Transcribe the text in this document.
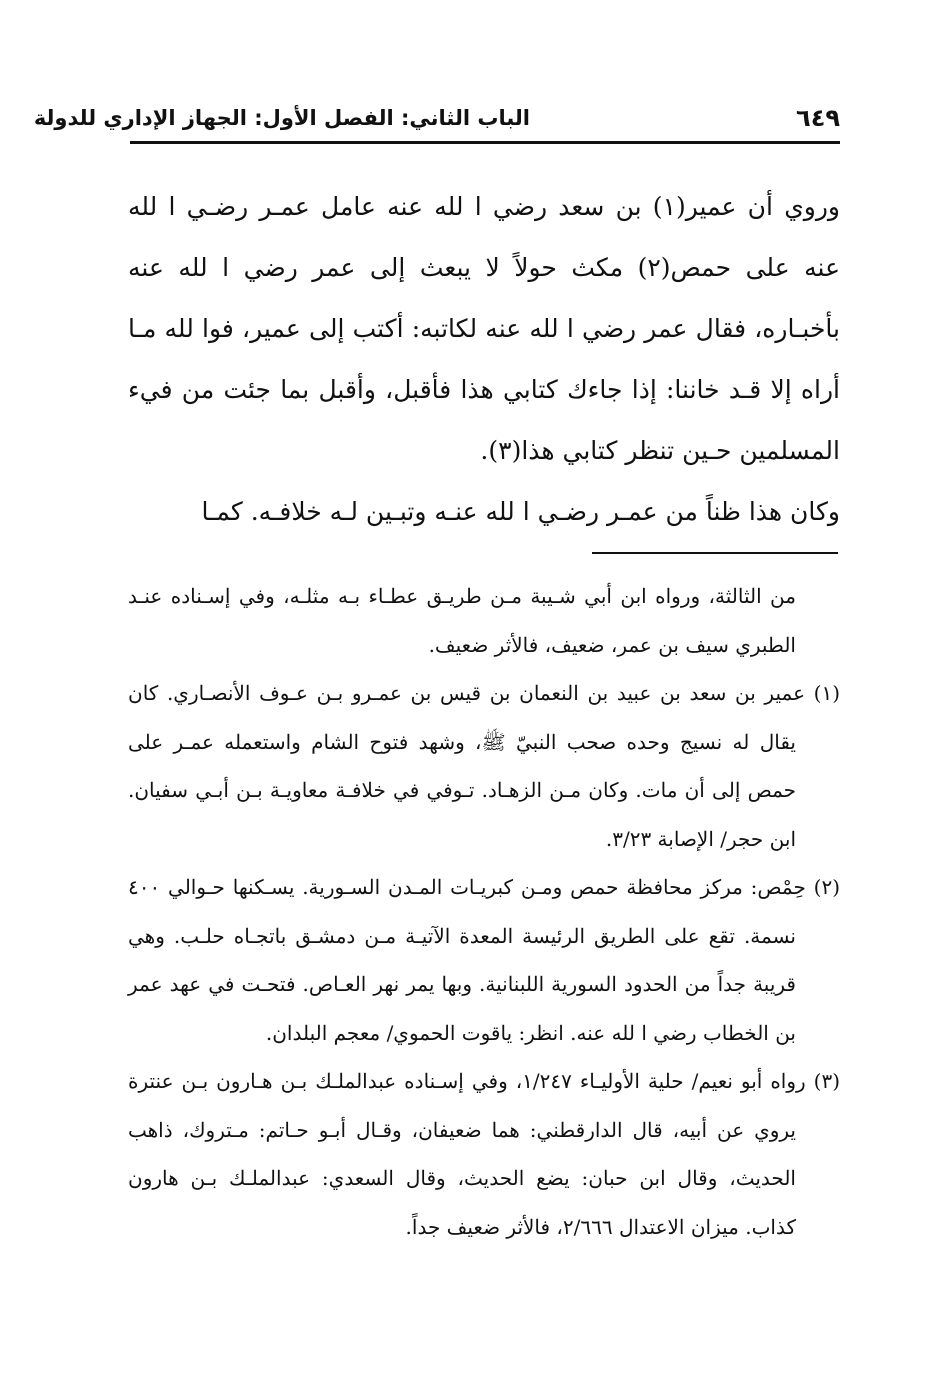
الباب الثاني: الفصل الأول: الجهاز الإداري للدولة	٦٤٩

وروي أن عمير(١) بن سعد رضي ا لله عنه عامل عمـر رضـي ا لله عنه على حمص(٢) مكث حولاً لا يبعث إلى عمر رضي ا لله عنه بأخبـاره، فقال عمر رضي ا لله عنه لكاتبه: أكتب إلى عمير، فوا لله مـا أراه إلا قـد خاننا: إذا جاءك كتابي هذا فأقبل، وأقبل بما جئت من فيء المسلمين حـين تنظر كتابي هذا(٣).

وكان هذا ظناً من عمـر رضـي ا لله عنـه وتبـين لـه خلافـه. كمـا

من الثالثة، ورواه ابن أبي شـيبة مـن طريـق عطـاء بـه مثلـه، وفي إسـناده عنـد الطبري سيف بن عمر، ضعيف، فالأثر ضعيف.

(١) عمير بن سعد بن عبيد بن النعمان بن قيس بن عمـرو بـن عـوف الأنصـاري. كان يقال له نسيج وحده صحب النبيّ ﷺ، وشهد فتوح الشام واستعمله عمـر على حمص إلى أن مات. وكان مـن الزهـاد. تـوفي في خلافـة معاويـة بـن أبـي سفيان. ابن حجر/ الإصابة ٣/٢٣.

(٢) حِمْص: مركز محافظة حمص ومـن كبريـات المـدن السـورية. يسـكنها حـوالي ٤٠٠ نسمة. تقع على الطريق الرئيسة المعدة الآتيـة مـن دمشـق باتجـاه حلـب. وهي قريبة جداً من الحدود السورية اللبنانية. وبها يمر نهر العـاص. فتحـت في عهد عمر بن الخطاب رضي ا لله عنه. انظر: ياقوت الحموي/ معجم البلدان.

(٣) رواه أبو نعيم/ حلية الأوليـاء ١/٢٤٧، وفي إسـناده عبدالملـك بـن هـارون بـن عنترة يروي عن أبيه، قال الدارقطني: هما ضعيفان، وقـال أبـو حـاتم: مـتروك، ذاهب الحديث، وقال ابن حبان: يضع الحديث، وقال السعدي: عبدالملـك بـن هارون كذاب. ميزان الاعتدال ٢/٦٦٦، فالأثر ضعيف جداً.
